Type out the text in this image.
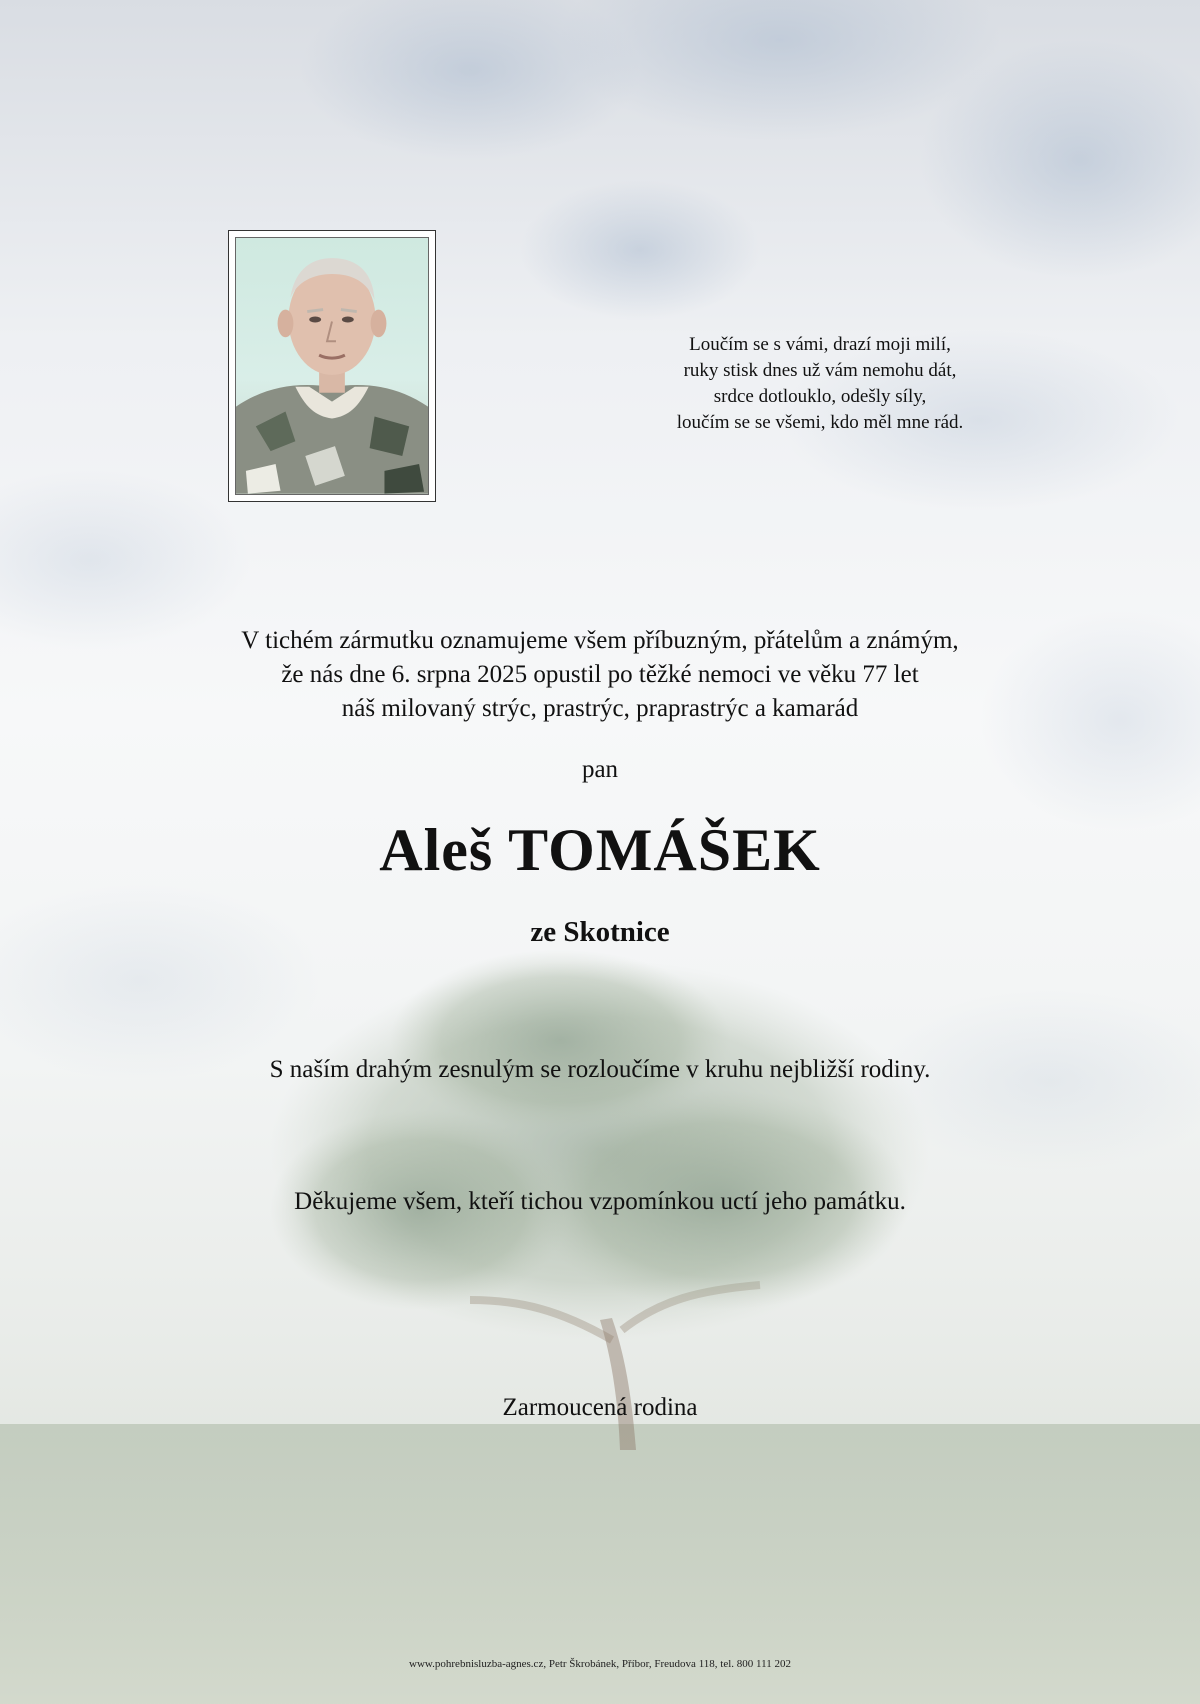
Loučím se s vámi, drazí moji milí,
ruky stisk dnes už vám nemohu dát,
srdce dotlouklo, odešly síly,
loučím se se všemi, kdo měl mne rád.
V tichém zármutku oznamujeme všem příbuzným, přátelům a známým,
že nás dne 6. srpna 2025 opustil po těžké nemoci ve věku 77 let
náš milovaný strýc, prastrýc, praprastrýc a kamarád
pan
Aleš TOMÁŠEK
ze Skotnice
S naším drahým zesnulým se rozloučíme v kruhu nejbližší rodiny.
Děkujeme všem, kteří tichou vzpomínkou uctí jeho památku.
Zarmoucená rodina
www.pohrebnisluzba-agnes.cz, Petr Škrobánek, Příbor, Freudova 118, tel. 800 111 202
